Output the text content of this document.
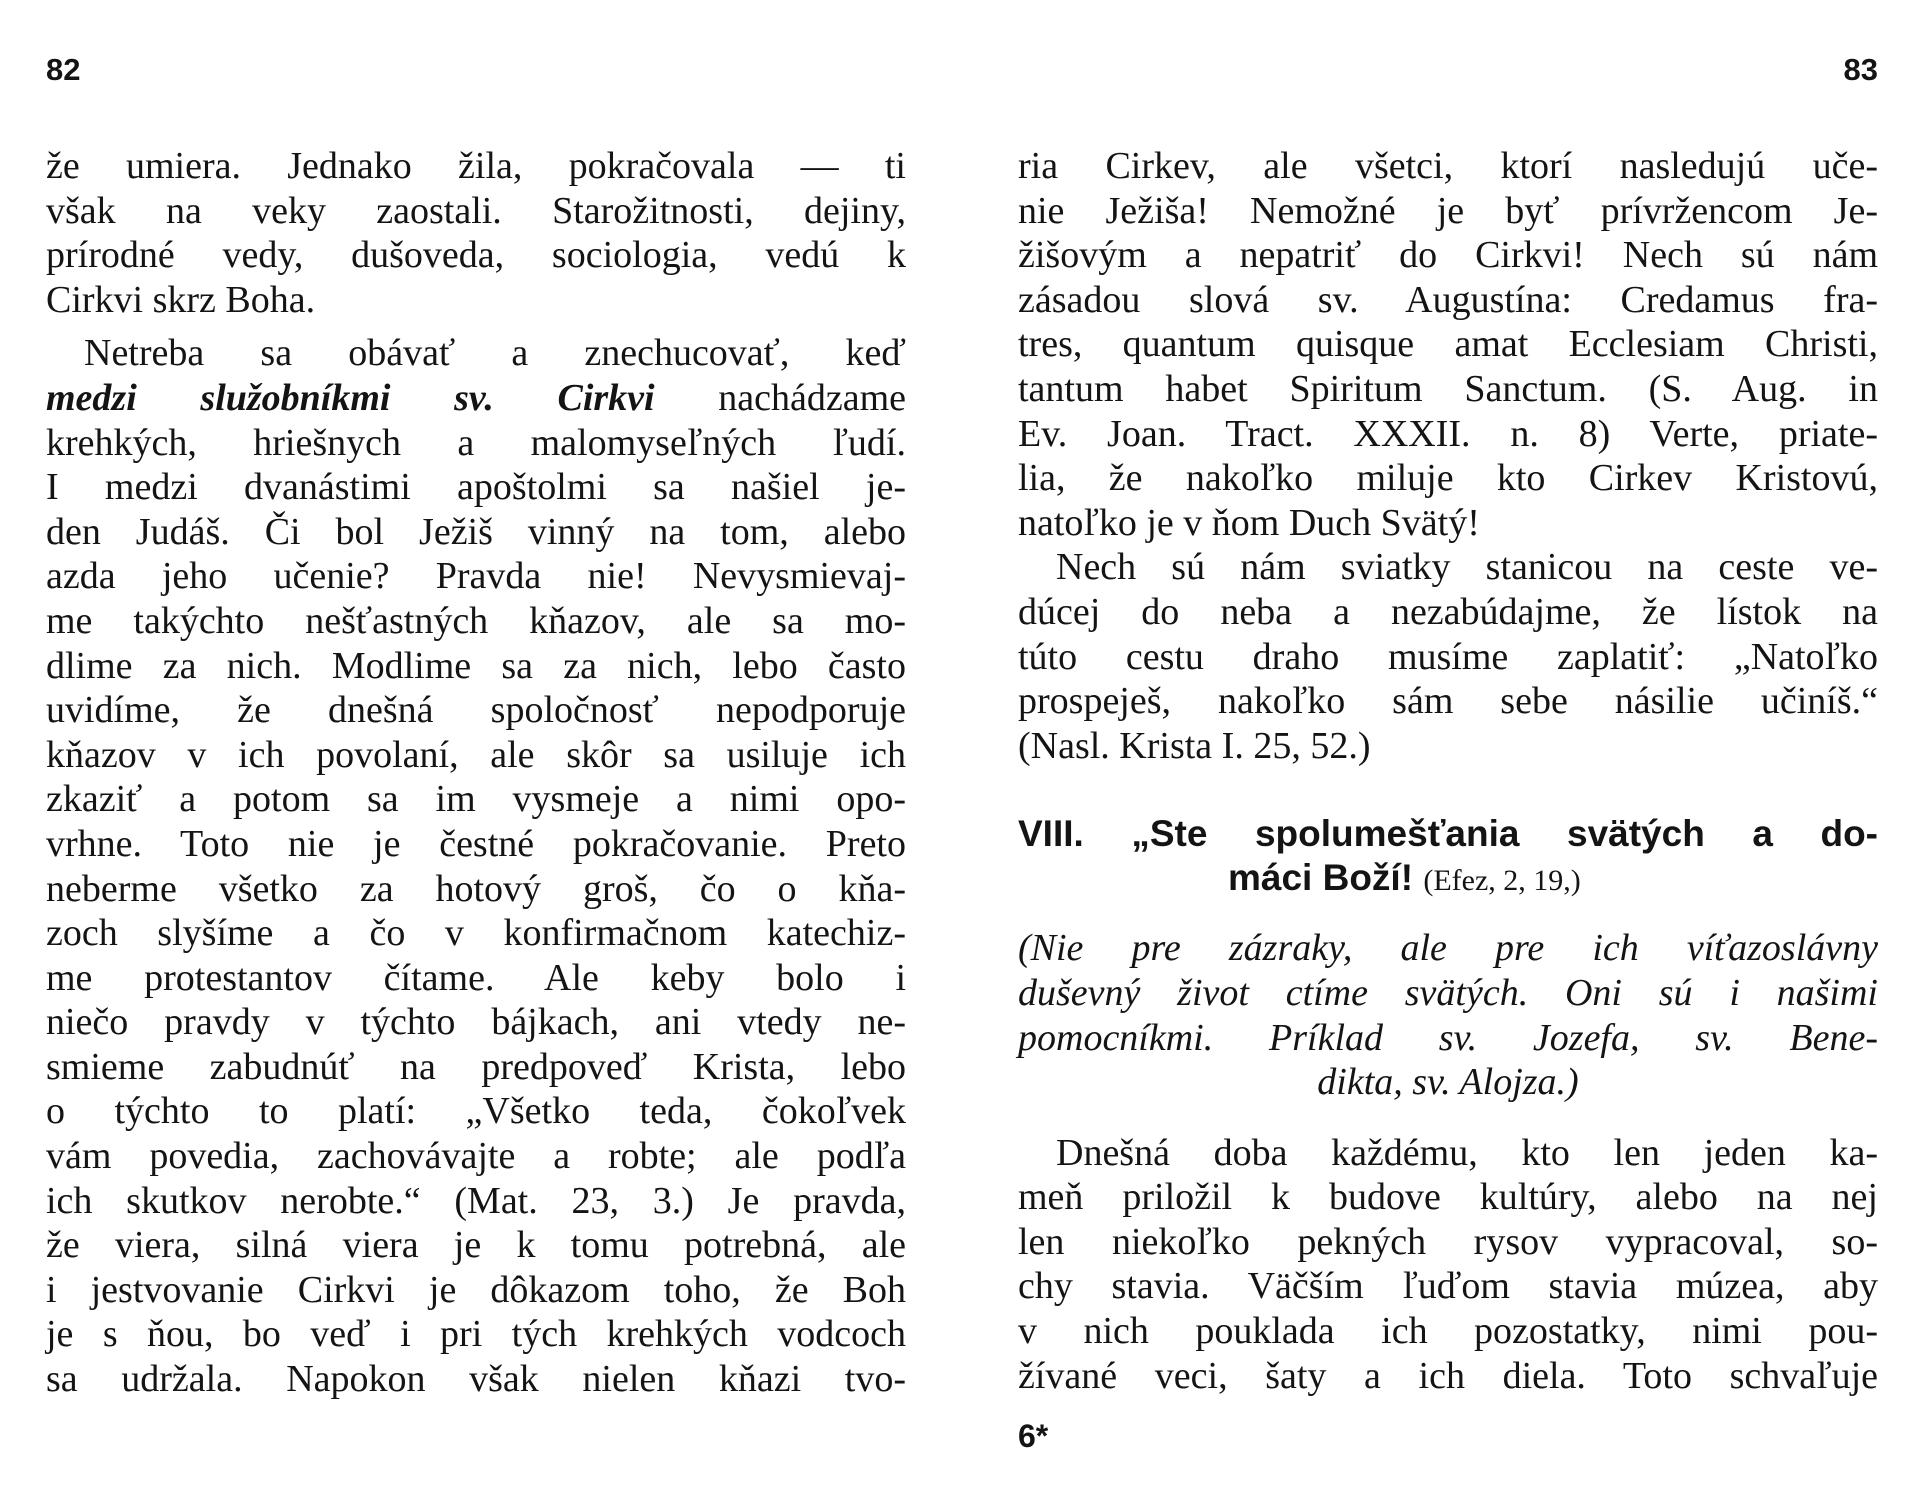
82
že umiera. Jednako žila, pokračovala — ti
však na veky zaostali. Starožitnosti, dejiny,
prírodné vedy, dušoveda, sociologia, vedú k
Cirkvi skrz Boha.
Netreba sa obávať a znechucovať, keď
medzi služobníkmi sv. Cirkvi nachádzame
krehkých, hriešnych a malomyseľných ľudí.
I medzi dvanástimi apoštolmi sa našiel je-
den Judáš. Či bol Ježiš vinný na tom, alebo
azda jeho učenie? Pravda nie! Nevysmievaj-
me takýchto nešťastných kňazov, ale sa mo-
dlime za nich. Modlime sa za nich, lebo často
uvidíme, že dnešná spoločnosť nepodporuje
kňazov v ich povolaní, ale skôr sa usiluje ich
zkaziť a potom sa im vysmeje a nimi opo-
vrhne. Toto nie je čestné pokračovanie. Preto
neberme všetko za hotový groš, čo o kňa-
zoch slyšíme a čo v konfirmačnom katechiz-
me protestantov čítame. Ale keby bolo i
niečo pravdy v týchto bájkach, ani vtedy ne-
smieme zabudnúť na predpoveď Krista, lebo
o týchto to platí: „Všetko teda, čokoľvek
vám povedia, zachovávajte a robte; ale podľa
ich skutkov nerobte.“ (Mat. 23, 3.) Je pravda,
že viera, silná viera je k tomu potrebná, ale
i jestvovanie Cirkvi je dôkazom toho, že Boh
je s ňou, bo veď i pri tých krehkých vodcoch
sa udržala. Napokon však nielen kňazi tvo-
83
ria Cirkev, ale všetci, ktorí nasledujú uče-
nie Ježiša! Nemožné je byť prívržencom Je-
žišovým a nepatriť do Cirkvi! Nech sú nám
zásadou slová sv. Augustína: Credamus fra-
tres, quantum quisque amat Ecclesiam Christi,
tantum habet Spiritum Sanctum. (S. Aug. in
Ev. Joan. Tract. XXXII. n. 8) Verte, priate-
lia, že nakoľko miluje kto Cirkev Kristovú,
natoľko je v ňom Duch Svätý!
Nech sú nám sviatky stanicou na ceste ve-
dúcej do neba a nezabúdajme, že lístok na
túto cestu draho musíme zaplatiť: „Natoľko
prospeješ, nakoľko sám sebe násilie učiníš.“
(Nasl. Krista I. 25, 52.)
VIII. „Ste spolumešťania svätých a do-
máci Boží! (Efez, 2, 19,)
(Nie pre zázraky, ale pre ich víťazoslávny
duševný život ctíme svätých. Oni sú i našimi
pomocníkmi. Príklad sv. Jozefa, sv. Bene-
dikta, sv. Alojza.)
Dnešná doba každému, kto len jeden ka-
meň priložil k budove kultúry, alebo na nej
len niekoľko pekných rysov vypracoval, so-
chy stavia. Väčším ľuďom stavia múzea, aby
v nich pouklada ich pozostatky, nimi pou-
žívané veci, šaty a ich diela. Toto schvaľuje
6*
